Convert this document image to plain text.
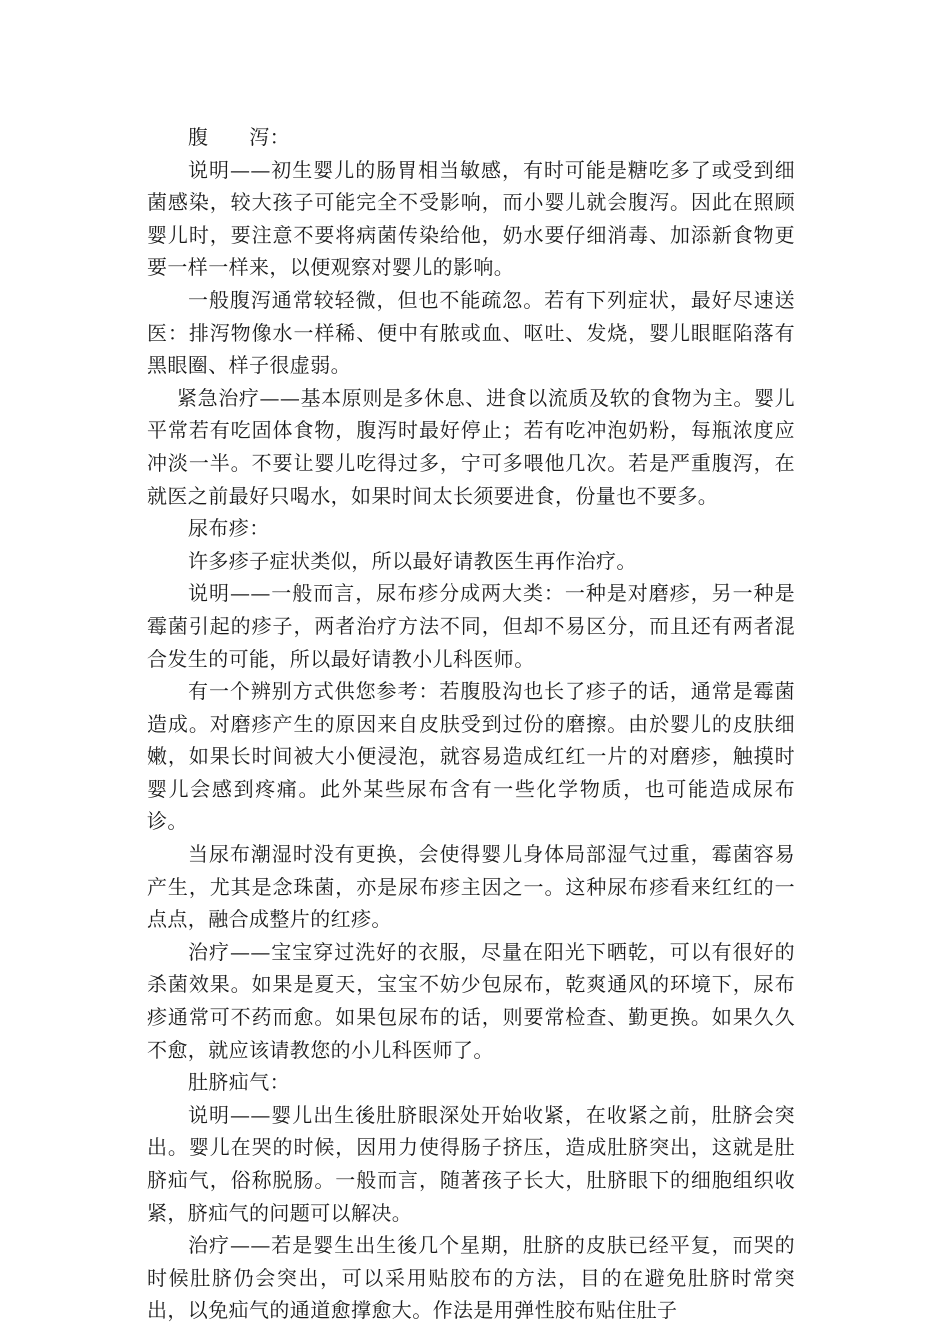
腹　　泻：

说明——初生婴儿的肠胃相当敏感，有时可能是糖吃多了或受到细菌感染，较大孩子可能完全不受影响，而小婴儿就会腹泻。因此在照顾婴儿时，要注意不要将病菌传染给他，奶水要仔细消毒、加添新食物更要一样一样来，以便观察对婴儿的影响。

一般腹泻通常较轻微，但也不能疏忽。若有下列症状，最好尽速送医：排泻物像水一样稀、便中有脓或血、呕吐、发烧，婴儿眼眶陷落有黑眼圈、样子很虚弱。

紧急治疗——基本原则是多休息、进食以流质及软的食物为主。婴儿平常若有吃固体食物，腹泻时最好停止；若有吃冲泡奶粉，每瓶浓度应冲淡一半。不要让婴儿吃得过多，宁可多喂他几次。若是严重腹泻，在就医之前最好只喝水，如果时间太长须要进食，份量也不要多。

尿布疹：

许多疹子症状类似，所以最好请教医生再作治疗。

说明——一般而言，尿布疹分成两大类：一种是对磨疹，另一种是霉菌引起的疹子，两者治疗方法不同，但却不易区分，而且还有两者混合发生的可能，所以最好请教小儿科医师。

有一个辨别方式供您参考：若腹股沟也长了疹子的话，通常是霉菌造成。对磨疹产生的原因来自皮肤受到过份的磨擦。由於婴儿的皮肤细嫩，如果长时间被大小便浸泡，就容易造成红红一片的对磨疹，触摸时婴儿会感到疼痛。此外某些尿布含有一些化学物质，也可能造成尿布诊。

当尿布潮湿时没有更换，会使得婴儿身体局部湿气过重，霉菌容易产生，尤其是念珠菌，亦是尿布疹主因之一。这种尿布疹看来红红的一点点，融合成整片的红疹。

治疗——宝宝穿过洗好的衣服，尽量在阳光下晒乾，可以有很好的杀菌效果。如果是夏天，宝宝不妨少包尿布，乾爽通风的环境下，尿布疹通常可不药而愈。如果包尿布的话，则要常检查、勤更换。如果久久不愈，就应该请教您的小儿科医师了。

肚脐疝气：

说明——婴儿出生後肚脐眼深处开始收紧，在收紧之前，肚脐会突出。婴儿在哭的时候，因用力使得肠子挤压，造成肚脐突出，这就是肚脐疝气，俗称脱肠。一般而言，随著孩子长大，肚脐眼下的细胞组织收紧，脐疝气的问题可以解决。

治疗——若是婴生出生後几个星期，肚脐的皮肤已经平复，而哭的时候肚脐仍会突出，可以采用贴胶布的方法，目的在避免肚脐时常突出，以免疝气的通道愈撑愈大。作法是用弹性胶布贴住肚子
